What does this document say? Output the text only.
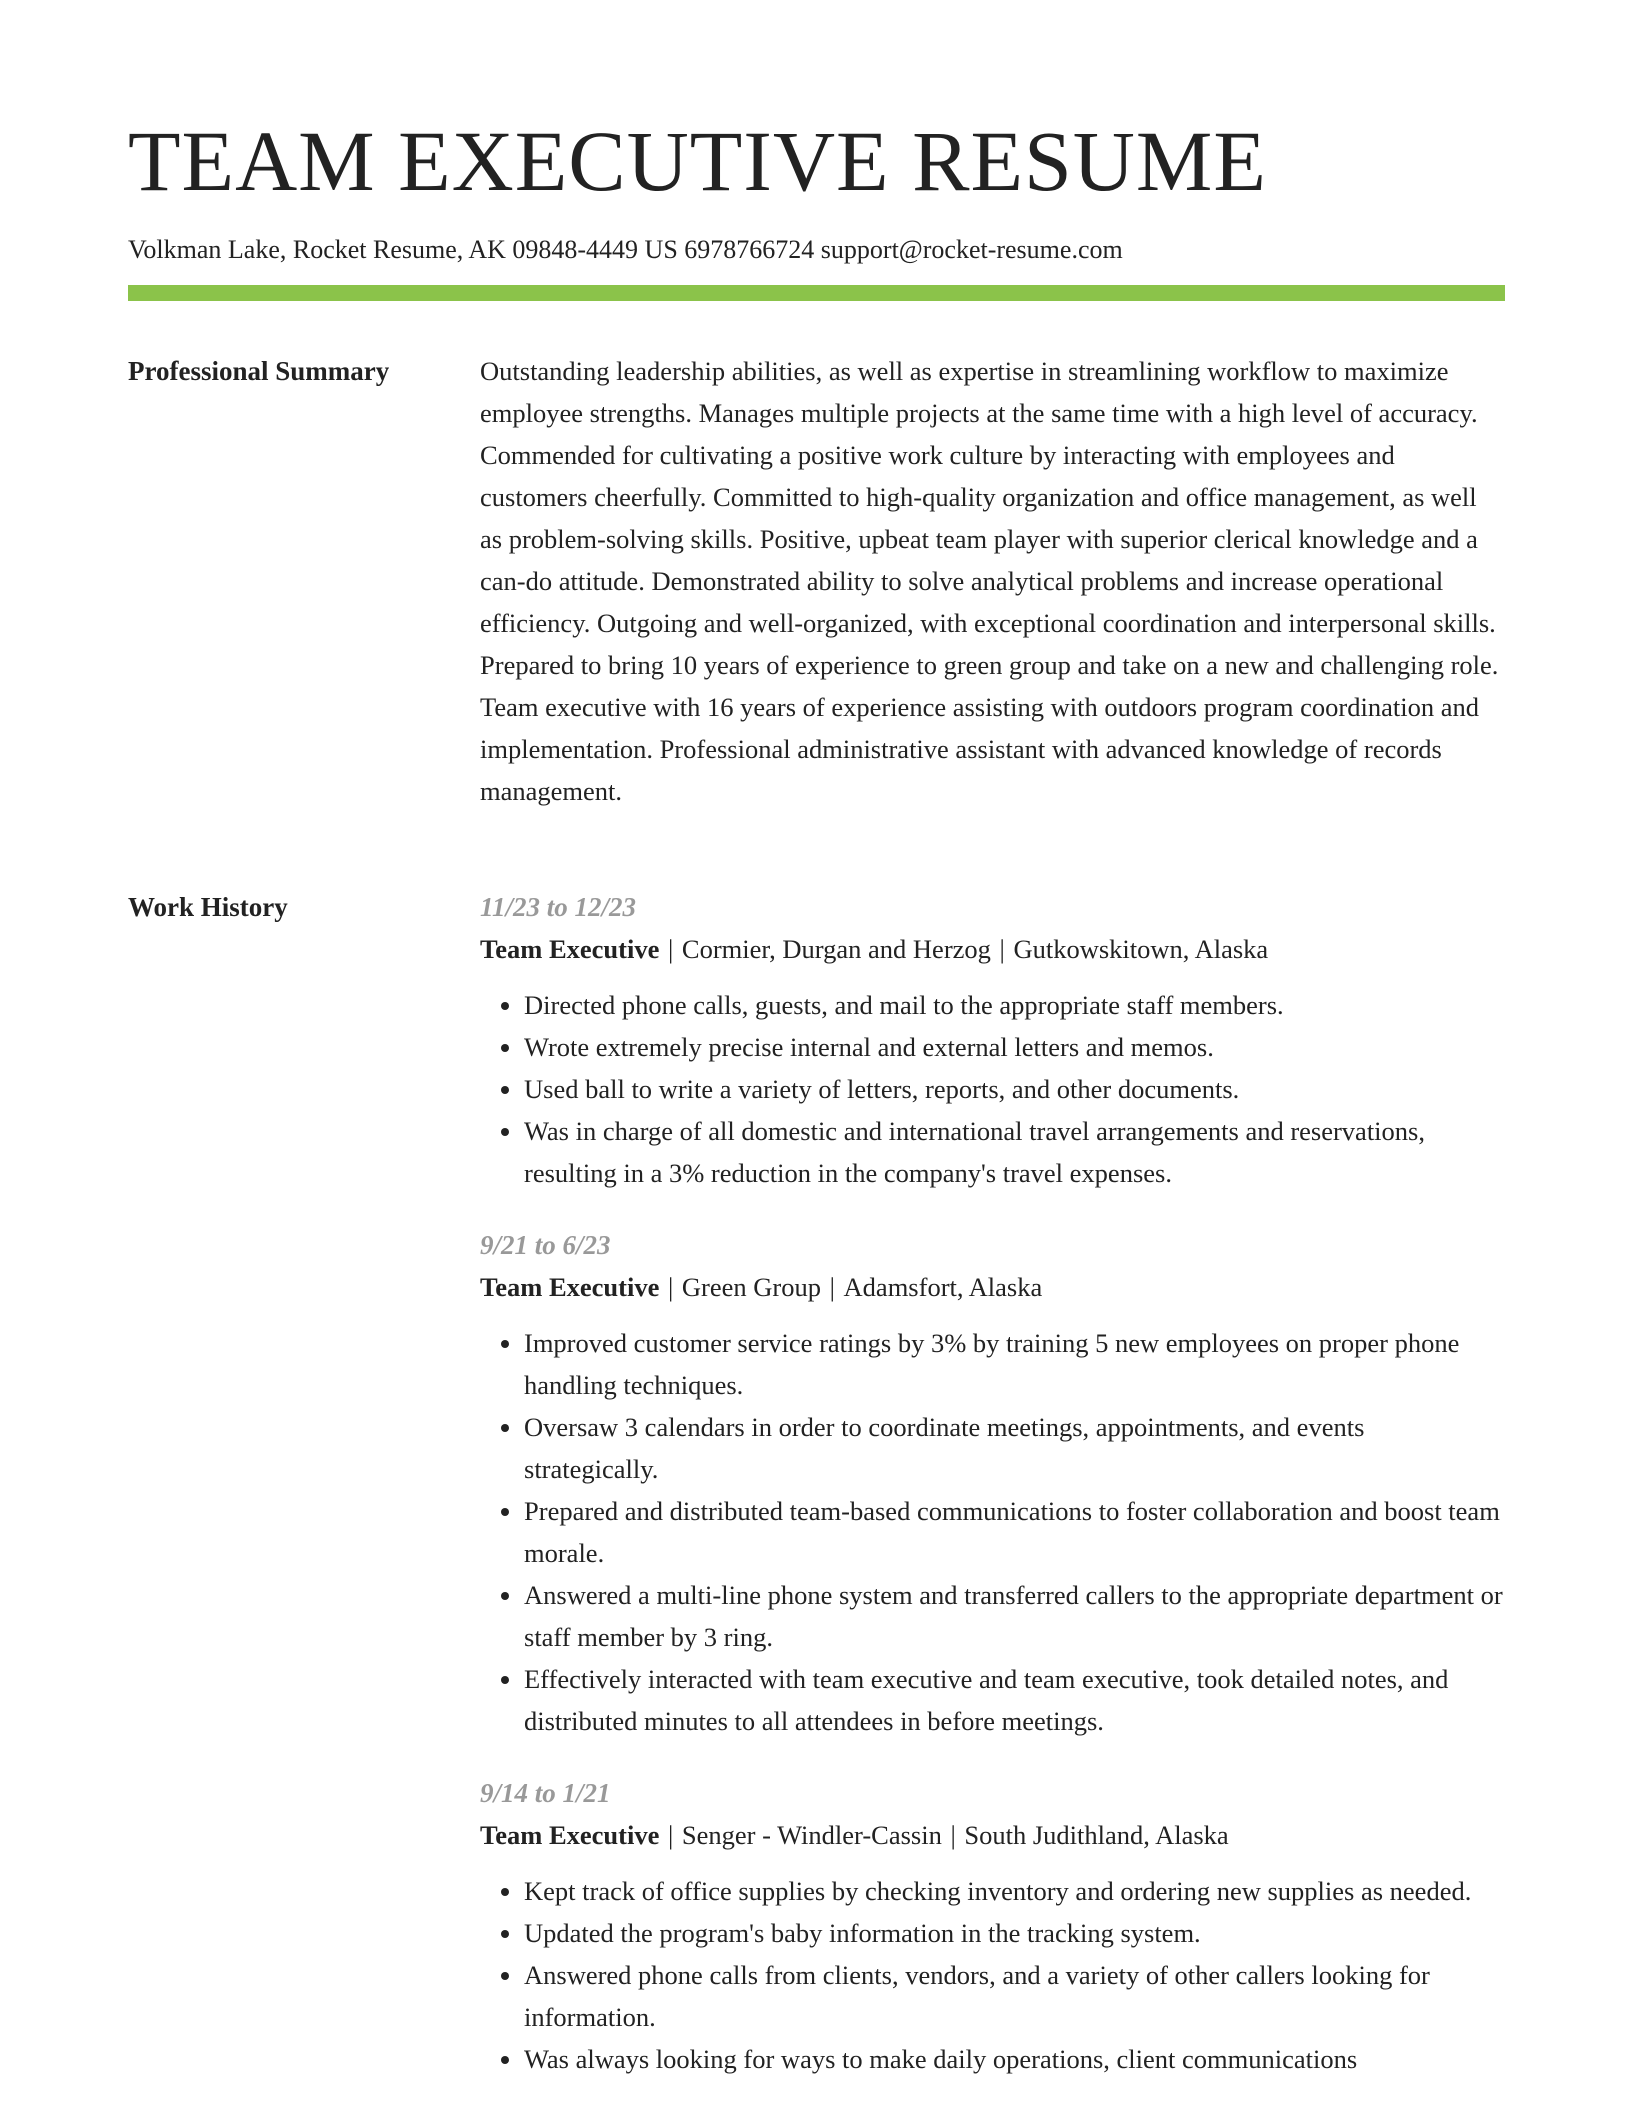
TEAM EXECUTIVE RESUME
Volkman Lake, Rocket Resume, AK 09848-4449 US 6978766724 support@rocket-resume.com
Professional Summary	Outstanding leadership abilities, as well as expertise in streamlining workflow to maximize employee strengths. Manages multiple projects at the same time with a high level of accuracy. Commended for cultivating a positive work culture by interacting with employees and customers cheerfully. Committed to high-quality organization and office management, as well as problem-solving skills. Positive, upbeat team player with superior clerical knowledge and a can-do attitude. Demonstrated ability to solve analytical problems and increase operational efficiency. Outgoing and well-organized, with exceptional coordination and interpersonal skills. Prepared to bring 10 years of experience to green group and take on a new and challenging role. Team executive with 16 years of experience assisting with outdoors program coordination and implementation. Professional administrative assistant with advanced knowledge of records management.

Work History	11/23 to 12/23
Team Executive | Cormier, Durgan and Herzog | Gutkowskitown, Alaska
• Directed phone calls, guests, and mail to the appropriate staff members.
• Wrote extremely precise internal and external letters and memos.
• Used ball to write a variety of letters, reports, and other documents.
• Was in charge of all domestic and international travel arrangements and reservations, resulting in a 3% reduction in the company's travel expenses.
9/21 to 6/23
Team Executive | Green Group | Adamsfort, Alaska
• Improved customer service ratings by 3% by training 5 new employees on proper phone handling techniques.
• Oversaw 3 calendars in order to coordinate meetings, appointments, and events strategically.
• Prepared and distributed team-based communications to foster collaboration and boost team morale.
• Answered a multi-line phone system and transferred callers to the appropriate department or staff member by 3 ring.
• Effectively interacted with team executive and team executive, took detailed notes, and distributed minutes to all attendees in before meetings.
9/14 to 1/21
Team Executive | Senger - Windler-Cassin | South Judithland, Alaska
• Kept track of office supplies by checking inventory and ordering new supplies as needed.
• Updated the program's baby information in the tracking system.
• Answered phone calls from clients, vendors, and a variety of other callers looking for information.
• Was always looking for ways to make daily operations, client communications
